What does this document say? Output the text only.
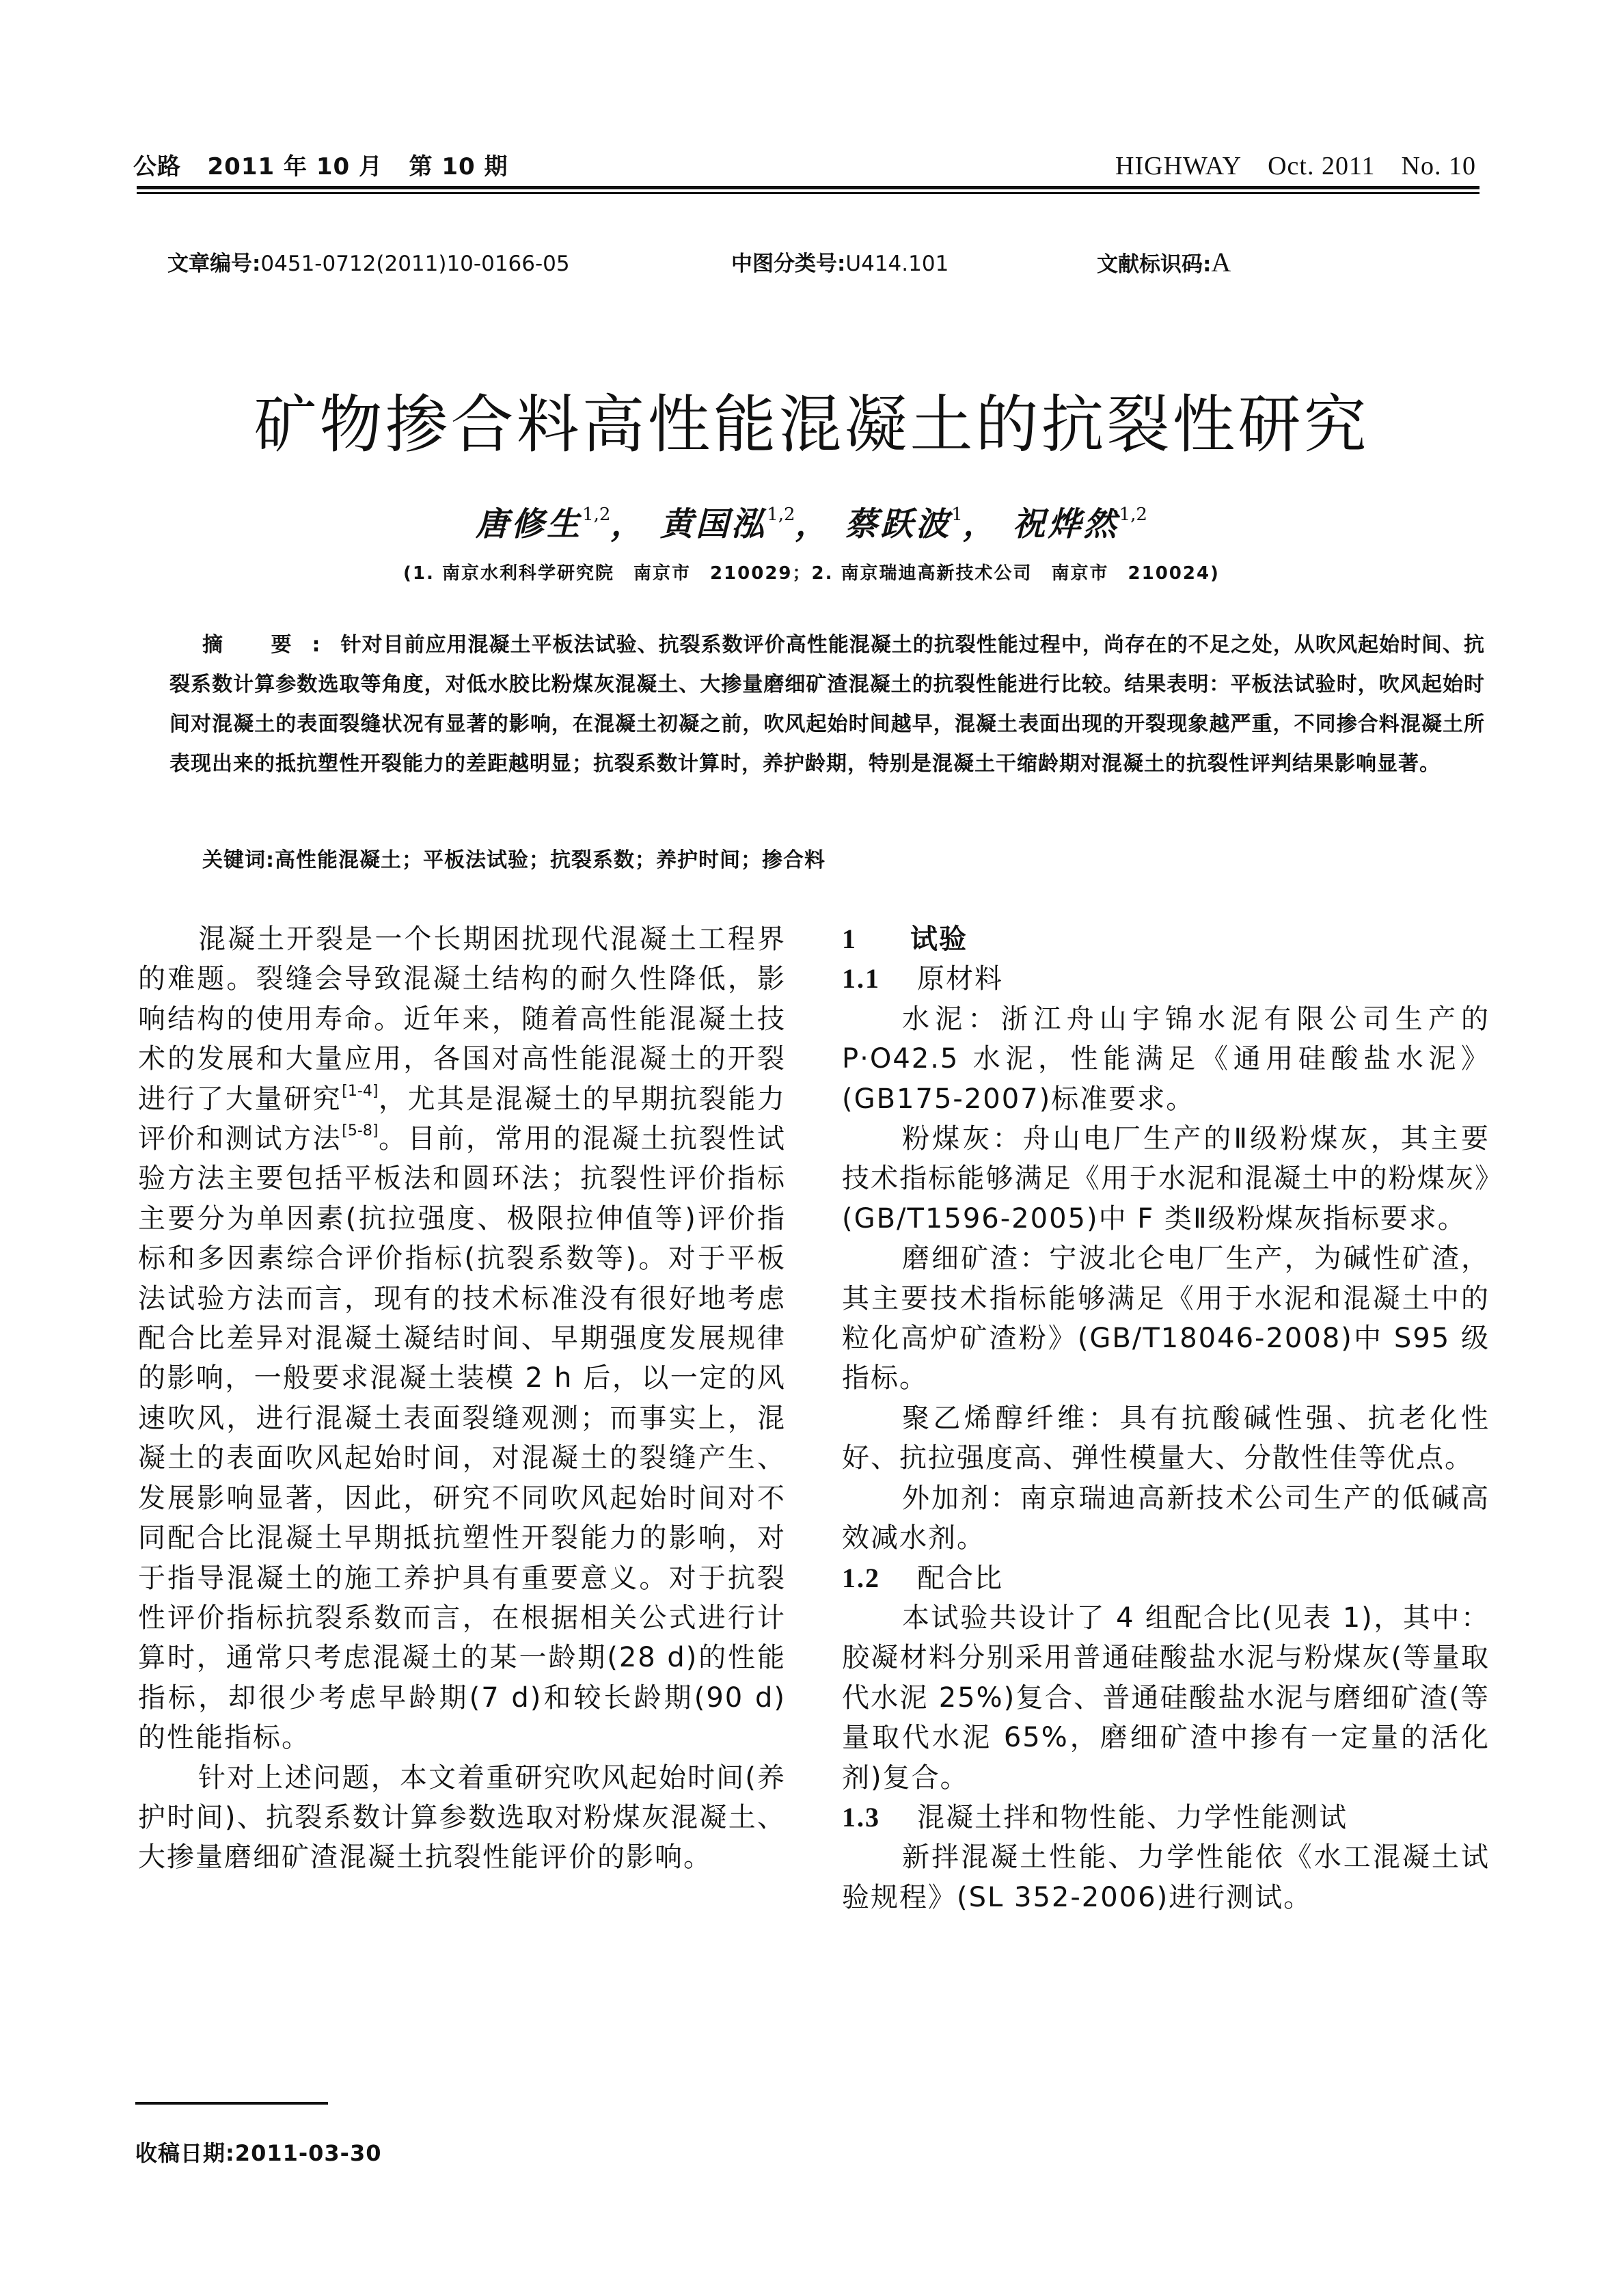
公路 2011 年 10 月 第 10 期	HIGHWAY Oct. 2011 No. 10
文章编号:0451-0712(2011)10-0166-05	中图分类号:U414.101	文献标识码:A
矿物掺合料高性能混凝土的抗裂性研究
唐修生$^{1,2}$， 黄国泓$^{1,2}$， 蔡跃波$^1$， 祝烨然$^{1,2}$
(1. 南京水利科学研究院　南京市　210029；2. 南京瑞迪高新技术公司　南京市　210024)

摘 要:针对目前应用混凝土平板法试验、抗裂系数评价高性能混凝土的抗裂性能过程中，尚存在的不足之处，从吹风起始时间、抗裂系数计算参数选取等角度，对低水胶比粉煤灰混凝土、大掺量磨细矿渣混凝土的抗裂性能进行比较。结果表明：平板法试验时，吹风起始时间对混凝土的表面裂缝状况有显著的影响，在混凝土初凝之前，吹风起始时间越早，混凝土表面出现的开裂现象越严重，不同掺合料混凝土所表现出来的抵抗塑性开裂能力的差距越明显；抗裂系数计算时，养护龄期，特别是混凝土干缩龄期对混凝土的抗裂性评判结果影响显著。

关键词:高性能混凝土；平板法试验；抗裂系数；养护时间；掺合料

混凝土开裂是一个长期困扰现代混凝土工程界的难题。裂缝会导致混凝土结构的耐久性降低，影响结构的使用寿命。近年来，随着高性能混凝土技术的发展和大量应用，各国对高性能混凝土的开裂进行了大量研究[1-4]，尤其是混凝土的早期抗裂能力评价和测试方法[5-8]。目前，常用的混凝土抗裂性试验方法主要包括平板法和圆环法；抗裂性评价指标主要分为单因素(抗拉强度、极限拉伸值等)评价指标和多因素综合评价指标(抗裂系数等)。对于平板法试验方法而言，现有的技术标准没有很好地考虑配合比差异对混凝土凝结时间、早期强度发展规律的影响，一般要求混凝土装模 2 h 后，以一定的风速吹风，进行混凝土表面裂缝观测；而事实上，混凝土的表面吹风起始时间，对混凝土的裂缝产生、发展影响显著，因此，研究不同吹风起始时间对不同配合比混凝土早期抵抗塑性开裂能力的影响，对于指导混凝土的施工养护具有重要意义。对于抗裂性评价指标抗裂系数而言，在根据相关公式进行计算时，通常只考虑混凝土的某一龄期(28 d)的性能指标，却很少考虑早龄期(7 d)和较长龄期(90 d)的性能指标。

针对上述问题，本文着重研究吹风起始时间(养护时间)、抗裂系数计算参数选取对粉煤灰混凝土、大掺量磨细矿渣混凝土抗裂性能评价的影响。

1 试验

1.1 原材料

水泥：浙江舟山宇锦水泥有限公司生产的 P·O42.5 水泥，性能满足《通用硅酸盐水泥》(GB175-2007)标准要求。

粉煤灰：舟山电厂生产的Ⅱ级粉煤灰，其主要技术指标能够满足《用于水泥和混凝土中的粉煤灰》(GB/T1596-2005)中 F 类Ⅱ级粉煤灰指标要求。

磨细矿渣：宁波北仑电厂生产，为碱性矿渣，其主要技术指标能够满足《用于水泥和混凝土中的粒化高炉矿渣粉》(GB/T18046-2008)中 S95 级指标。

聚乙烯醇纤维：具有抗酸碱性强、抗老化性好、抗拉强度高、弹性模量大、分散性佳等优点。

外加剂：南京瑞迪高新技术公司生产的低碱高效减水剂。

1.2 配合比

本试验共设计了 4 组配合比(见表 1)，其中：胶凝材料分别采用普通硅酸盐水泥与粉煤灰(等量取代水泥 25%)复合、普通硅酸盐水泥与磨细矿渣(等量取代水泥 65%，磨细矿渣中掺有一定量的活化剂)复合。

1.3 混凝土拌和物性能、力学性能测试

新拌混凝土性能、力学性能依《水工混凝土试验规程》(SL 352-2006)进行测试。

收稿日期:2011-03-30
